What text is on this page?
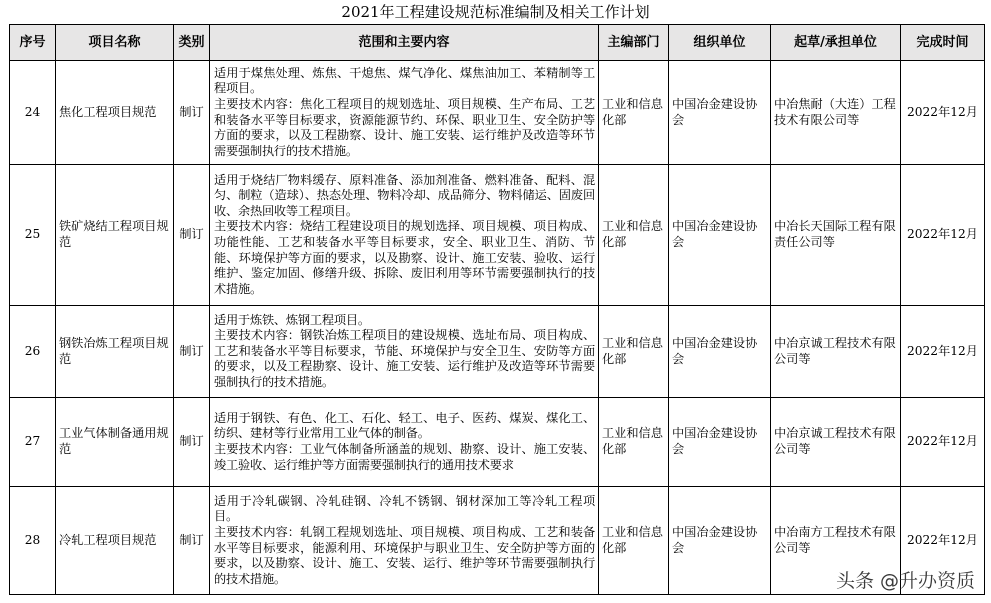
2021年工程建设规范标准编制及相关工作计划
序号	项目名称	类别	范围和主要内容	主编部门	组织单位	起草/承担单位	完成时间
24	焦化工程项目规范	制订	适用于煤焦处理、炼焦、干熄焦、煤气净化、煤焦油加工、苯精制等工程项目。
主要技术内容：焦化工程项目的规划选址、项目规模、生产布局、工艺和装备水平等目标要求，资源能源节约、环保、职业卫生、安全防护等方面的要求，以及工程勘察、设计、施工安装、运行维护及改造等环节需要强制执行的技术措施。	工业和信息化部	中国冶金建设协会	中冶焦耐（大连）工程技术有限公司等	2022年12月
25	铁矿烧结工程项目规范	制订	适用于烧结厂物料缓存、原料准备、添加剂准备、燃料准备、配料、混匀、制粒（造球）、热态处理、物料冷却、成品筛分、物料储运、固废回收、余热回收等工程项目。
主要技术内容：烧结工程建设项目的规划选择、项目规模、项目构成、功能性能、工艺和装备水平等目标要求，安全、职业卫生、消防、节能、环境保护等方面的要求，以及勘察、设计、施工安装、验收、运行维护、鉴定加固、修缮升级、拆除、废旧利用等环节需要强制执行的技术措施。	工业和信息化部	中国冶金建设协会	中冶长天国际工程有限责任公司等	2022年12月
26	钢铁冶炼工程项目规范	制订	适用于炼铁、炼钢工程项目。
主要技术内容：钢铁冶炼工程项目的建设规模、选址布局、项目构成、工艺和装备水平等目标要求，节能、环境保护与安全卫生、安防等方面的要求，以及工程勘察、设计、施工安装、运行维护及改造等环节需要强制执行的技术措施。	工业和信息化部	中国冶金建设协会	中冶京诚工程技术有限公司等	2022年12月
27	工业气体制备通用规范	制订	适用于钢铁、有色、化工、石化、轻工、电子、医药、煤炭、煤化工、纺织、建材等行业常用工业气体的制备。
主要技术内容：工业气体制备所涵盖的规划、勘察、设计、施工安装、竣工验收、运行维护等方面需要强制执行的通用技术要求	工业和信息化部	中国冶金建设协会	中冶京诚工程技术有限公司等	2022年12月
28	冷轧工程项目规范	制订	适用于冷轧碳钢、冷轧硅钢、冷轧不锈钢、钢材深加工等冷轧工程项目。
主要技术内容：轧钢工程规划选址、项目规模、项目构成、工艺和装备水平等目标要求，能源利用、环境保护与职业卫生、安全防护等方面的要求，以及勘察、设计、施工、安装、运行、维护等环节需要强制执行的技术措施。	工业和信息化部	中国冶金建设协会	中冶南方工程技术有限公司等	2022年12月
头条 @升办资质
